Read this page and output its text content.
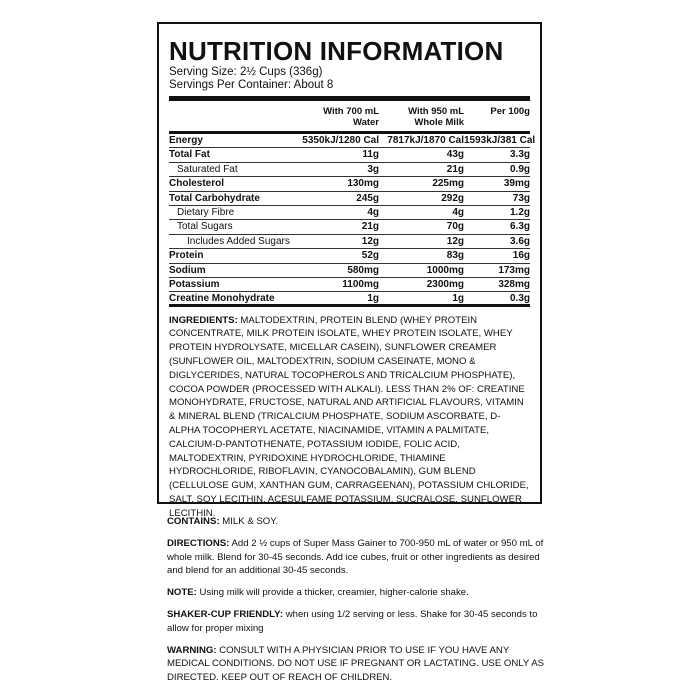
NUTRITION INFORMATION
Serving Size: 2½ Cups (336g)
Servings Per Container: About 8
With 700 mL
Water
With 950 mL
Whole Milk
Per 100g
Energy	5350kJ/1280 Cal 7817kJ/1870 Cal 1593kJ/381 Cal
Total Fat	11g	43g	3.3g
Saturated Fat	3g	21g	0.9g
Cholesterol	130mg	225mg	39mg
Total Carbohydrate	245g	292g	73g
Dietary Fibre	4g	4g	1.2g
Total Sugars	21g	70g	6.3g
Includes Added Sugars	12g	12g	3.6g
Protein	52g	83g	16g
Sodium	580mg	1000mg	173mg
Potassium	1100mg	2300mg	328mg
Creatine Monohydrate	1g	1g	0.3g
INGREDIENTS: MALTODEXTRIN, PROTEIN BLEND (WHEY PROTEIN CONCENTRATE, MILK PROTEIN ISOLATE, WHEY PROTEIN ISOLATE, WHEY PROTEIN HYDROLYSATE, MICELLAR CASEIN), SUNFLOWER CREAMER (SUNFLOWER OIL, MALTODEXTRIN, SODIUM CASEINATE, MONO & DIGLYCERIDES, NATURAL TOCOPHEROLS AND TRICALCIUM PHOSPHATE), COCOA POWDER (PROCESSED WITH ALKALI). LESS THAN 2% OF: CREATINE MONOHYDRATE, FRUCTOSE, NATURAL AND ARTIFICIAL FLAVOURS, VITAMIN & MINERAL BLEND (TRICALCIUM PHOSPHATE, SODIUM ASCORBATE, D-ALPHA TOCOPHERYL ACETATE, NIACINAMIDE, VITAMIN A PALMITATE, CALCIUM-D-PANTOTHENATE, POTASSIUM IODIDE, FOLIC ACID, MALTODEXTRIN, PYRIDOXINE HYDROCHLORIDE, THIAMINE HYDROCHLORIDE, RIBOFLAVIN, CYANOCOBALAMIN), GUM BLEND (CELLULOSE GUM, XANTHAN GUM, CARRAGEENAN), POTASSIUM CHLORIDE, SALT, SOY LECITHIN, ACESULFAME POTASSIUM, SUCRALOSE, SUNFLOWER LECITHIN.
CONTAINS: MILK & SOY.
DIRECTIONS: Add 2 ½ cups of Super Mass Gainer to 700-950 mL of water or 950 mL of whole milk. Blend for 30-45 seconds. Add ice cubes, fruit or other ingredients as desired and blend for an additional 30-45 seconds.
NOTE: Using milk will provide a thicker, creamier, higher-calorie shake.
SHAKER-CUP FRIENDLY: when using 1/2 serving or less. Shake for 30-45 seconds to allow for proper mixing
WARNING: CONSULT WITH A PHYSICIAN PRIOR TO USE IF YOU HAVE ANY MEDICAL CONDITIONS. DO NOT USE IF PREGNANT OR LACTATING. USE ONLY AS DIRECTED. KEEP OUT OF REACH OF CHILDREN.
